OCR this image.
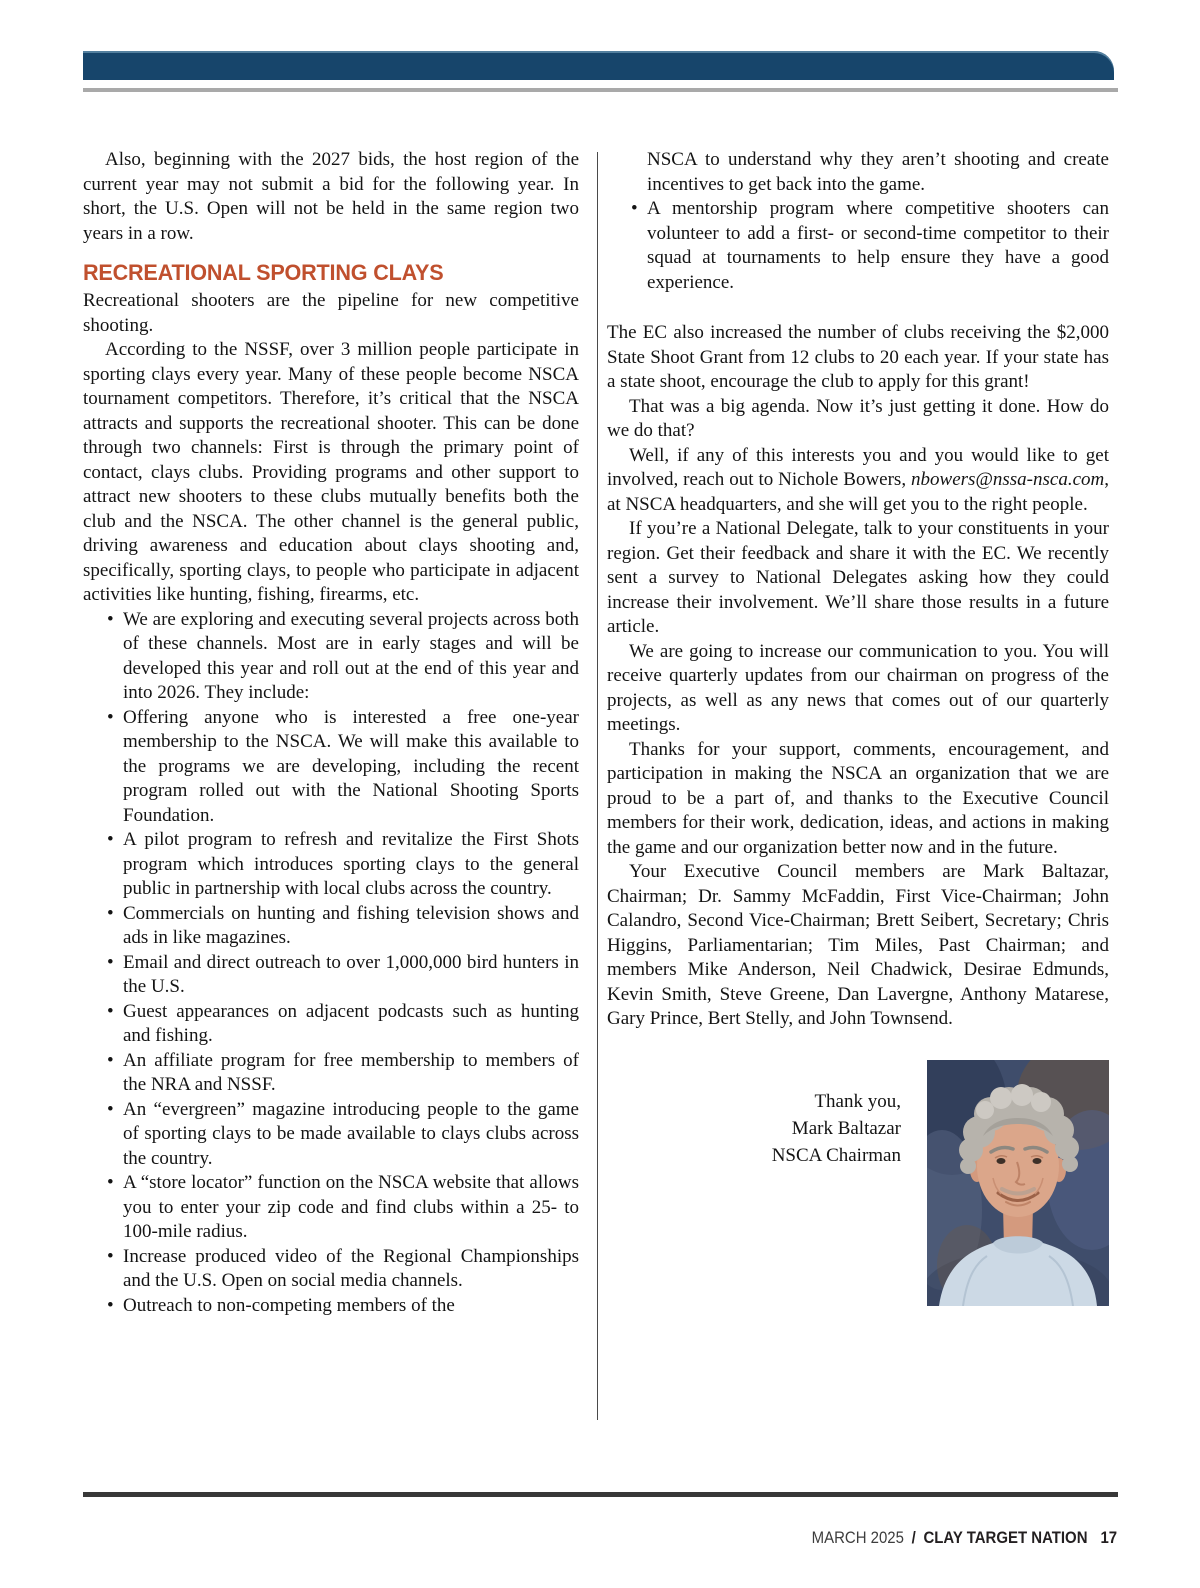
Also, beginning with the 2027 bids, the host region of the current year may not submit a bid for the following year. In short, the U.S. Open will not be held in the same region two years in a row.

RECREATIONAL SPORTING CLAYS

Recreational shooters are the pipeline for new competitive shooting.

According to the NSSF, over 3 million people participate in sporting clays every year. Many of these people become NSCA tournament competitors. Therefore, it’s critical that the NSCA attracts and supports the recreational shooter. This can be done through two channels: First is through the primary point of contact, clays clubs. Providing programs and other support to attract new shooters to these clubs mutually benefits both the club and the NSCA. The other channel is the general public, driving awareness and education about clays shooting and, specifically, sporting clays, to people who participate in adjacent activities like hunting, fishing, firearms, etc.

• We are exploring and executing several projects across both of these channels. Most are in early stages and will be developed this year and roll out at the end of this year and into 2026. They include:
• Offering anyone who is interested a free one-year membership to the NSCA. We will make this available to the programs we are developing, including the recent program rolled out with the National Shooting Sports Foundation.
• A pilot program to refresh and revitalize the First Shots program which introduces sporting clays to the general public in partnership with local clubs across the country.
• Commercials on hunting and fishing television shows and ads in like magazines.
• Email and direct outreach to over 1,000,000 bird hunters in the U.S.
• Guest appearances on adjacent podcasts such as hunting and fishing.
• An affiliate program for free membership to members of the NRA and NSSF.
• An “evergreen” magazine introducing people to the game of sporting clays to be made available to clays clubs across the country.
• A “store locator” function on the NSCA website that allows you to enter your zip code and find clubs within a 25- to 100-mile radius.
• Increase produced video of the Regional Championships and the U.S. Open on social media channels.
• Outreach to non-competing members of the

NSCA to understand why they aren’t shooting and create incentives to get back into the game.

• A mentorship program where competitive shooters can volunteer to add a first- or second-time competitor to their squad at tournaments to help ensure they have a good experience.

The EC also increased the number of clubs receiving the $2,000 State Shoot Grant from 12 clubs to 20 each year. If your state has a state shoot, encourage the club to apply for this grant!

That was a big agenda. Now it’s just getting it done. How do we do that?

Well, if any of this interests you and you would like to get involved, reach out to Nichole Bowers, nbowers@nssa-nsca.com, at NSCA headquarters, and she will get you to the right people.

If you’re a National Delegate, talk to your constituents in your region. Get their feedback and share it with the EC. We recently sent a survey to National Delegates asking how they could increase their involvement. We’ll share those results in a future article.

We are going to increase our communication to you. You will receive quarterly updates from our chairman on progress of the projects, as well as any news that comes out of our quarterly meetings.

Thanks for your support, comments, encouragement, and participation in making the NSCA an organization that we are proud to be a part of, and thanks to the Executive Council members for their work, dedication, ideas, and actions in making the game and our organization better now and in the future.

Your Executive Council members are Mark Baltazar, Chairman; Dr. Sammy McFaddin, First Vice-Chairman; John Calandro, Second Vice-Chairman; Brett Seibert, Secretary; Chris Higgins, Parliamentarian; Tim Miles, Past Chairman; and members Mike Anderson, Neil Chadwick, Desirae Edmunds, Kevin Smith, Steve Greene, Dan Lavergne, Anthony Matarese, Gary Prince, Bert Stelly, and John Townsend.

Thank you,
Mark Baltazar
NSCA Chairman
MARCH 2025 / CLAY TARGET NATION 17
